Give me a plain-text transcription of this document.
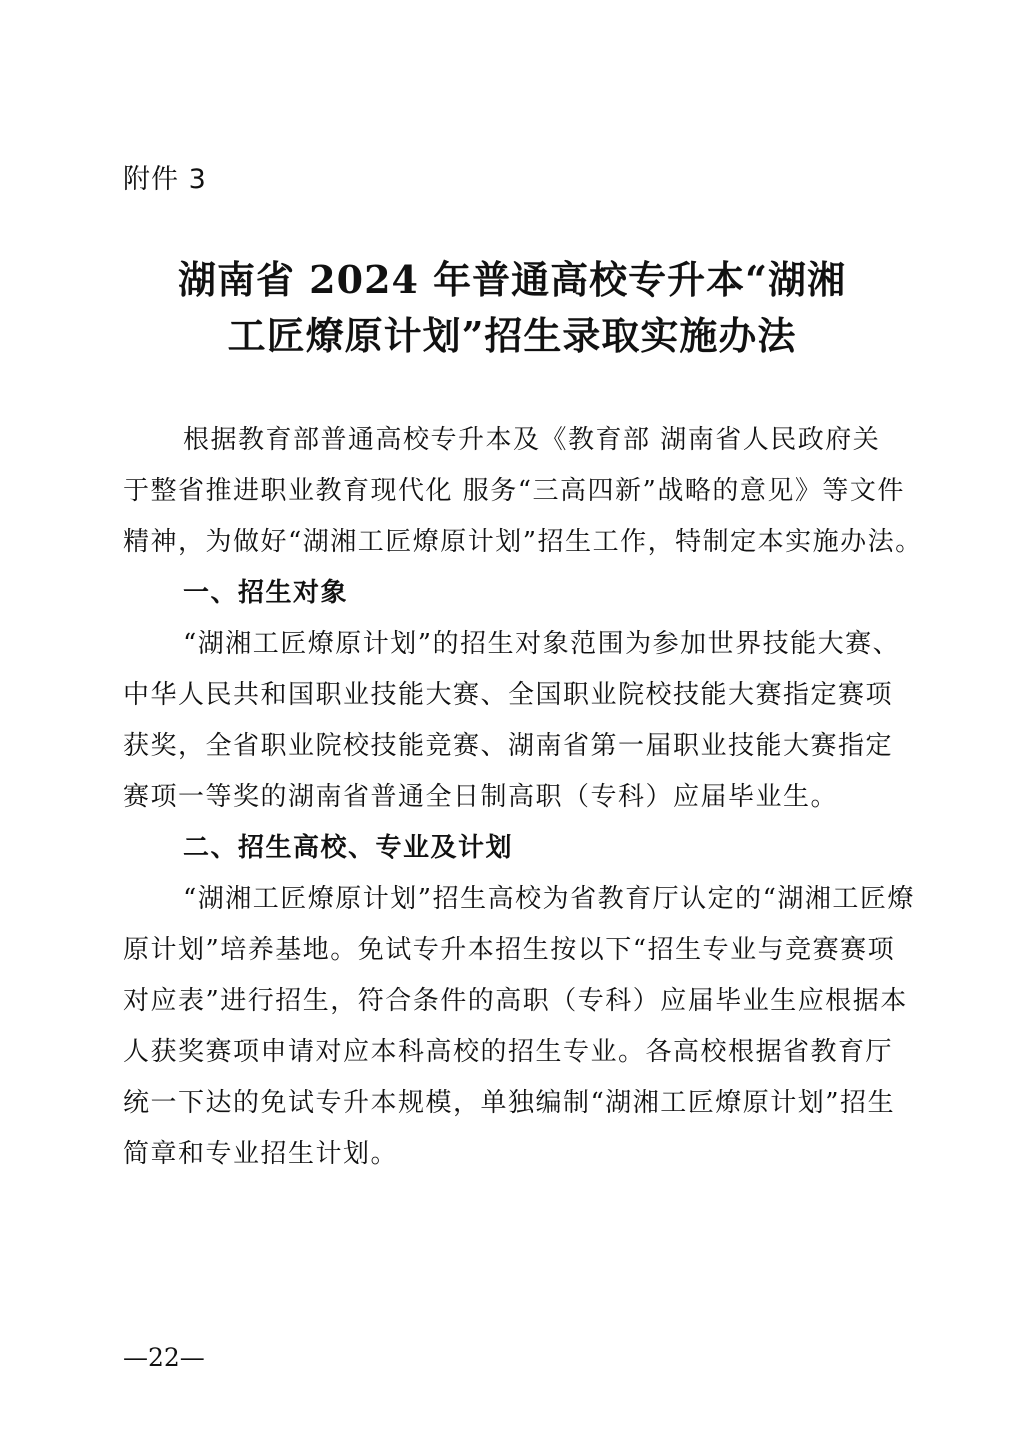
附件 3
湖南省 2024 年普通高校专升本“湖湘
工匠燎原计划”招生录取实施办法
根据教育部普通高校专升本及《教育部 湖南省人民政府关
于整省推进职业教育现代化 服务“三高四新”战略的意见》等文件
精神，为做好“湖湘工匠燎原计划”招生工作，特制定本实施办法。
一、招生对象
“湖湘工匠燎原计划”的招生对象范围为参加世界技能大赛、
中华人民共和国职业技能大赛、全国职业院校技能大赛指定赛项
获奖，全省职业院校技能竞赛、湖南省第一届职业技能大赛指定
赛项一等奖的湖南省普通全日制高职（专科）应届毕业生。
二、招生高校、专业及计划
“湖湘工匠燎原计划”招生高校为省教育厅认定的“湖湘工匠燎
原计划”培养基地。免试专升本招生按以下“招生专业与竞赛赛项
对应表”进行招生，符合条件的高职（专科）应届毕业生应根据本
人获奖赛项申请对应本科高校的招生专业。各高校根据省教育厅
统一下达的免试专升本规模，单独编制“湖湘工匠燎原计划”招生
简章和专业招生计划。
—22—
